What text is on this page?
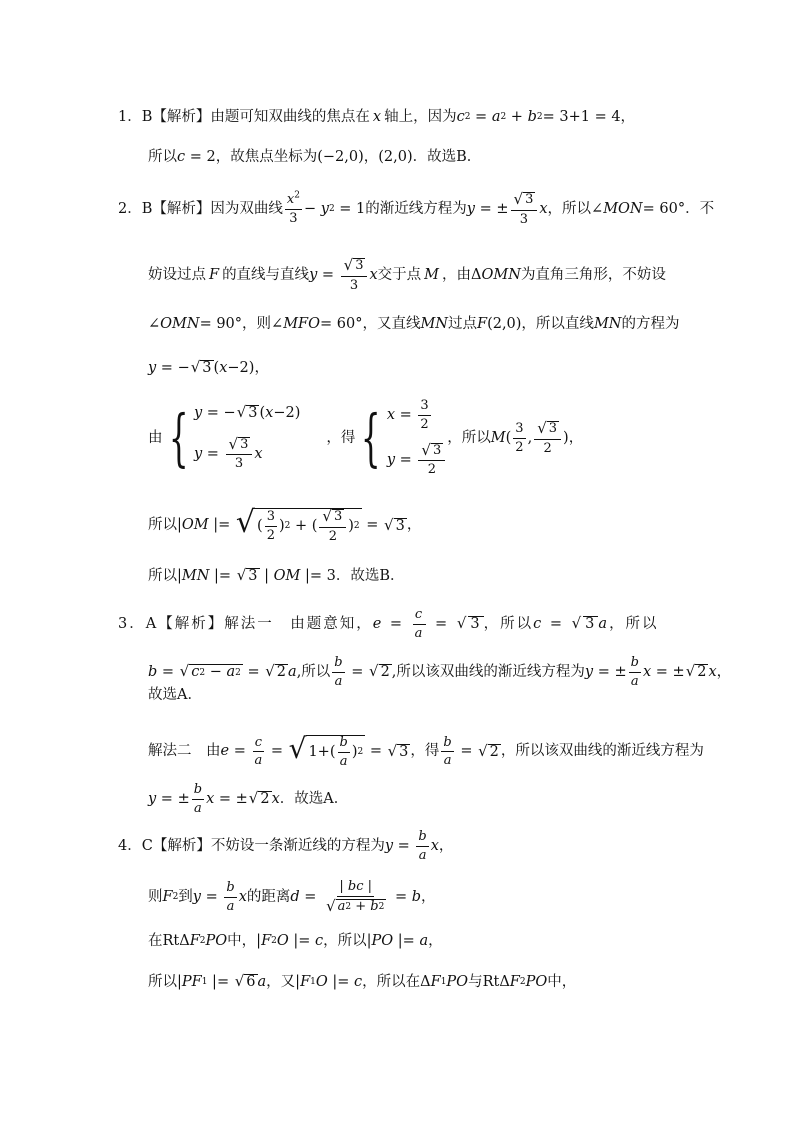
1．B【解析】由题可知双曲线的焦点在 x 轴上，因为 c 2 = a 2 + b 2 = 3+1 = 4，
所以 c = 2 ，故焦点坐标为 (−2,0)，(2,0) ．故选B．
2．B【解析】因为双曲线 $\frac{x^2}{3} - y$ 2 = 1 的渐近线方程为 y = ± $\frac{√ 3}{3}$ x ，所以∠ MON = 60°．不
妨设过点 F 的直线与直线 $y = \frac{√ 3}{3}$ x 交于点 M ，由Δ OMN 为直角三角形，不妨设
∠ OMN = 90°，则∠ MFO = 60°，又直线 MN 过点 F (2,0)，所以直线 MN 的方程为
y = − √ 3 ( x −2) ，
由 { y = − √ 3 (x−2)
$y = \frac{√ 3}{3}$ x
，得 { $x = \frac{3}{2}$
$y = \frac{√ 3}{2}$
，所以 M ( $\frac{3}{2}$ , $\frac{√ 3}{2}$ )，
所以| OM |= √ ( $\frac{3}{2}$ ) 2 + ( $\frac{√ 3}{2}$ ) 2 = √ 3 ，
所以| MN |= √ 3 | OM | = 3．故选B．
3．A【解析】解法一　由题意知， $e = \frac{c}{a}$ = √ 3 ，所以 c = √ 3 a ，所以
b = √ c 2 − a 2 = √ 2 a ,所以 $\frac{b}{a}$ = √ 2 ,所以该双曲线的渐近线方程为 y = ± $\frac{b}{a}$ x = ± √ 2 x ，
故选A．
解法二　由 $e = \frac{c}{a}$ = √ $1+( \frac{b}{a}$ ) 2 = √ 3 ，得 $\frac{b}{a}$ = √ 2 ，所以该双曲线的渐近线方程为
y = ± $\frac{b}{a}$ x = ± √ 2 x ．故选A．
4．C【解析】不妨设一条渐近线的方程为 $y = \frac{b}{a}$ x ，
则 F 2 到 $y = \frac{b}{a}$ x 的距离 $d = \frac{| bc |}{√ a 2 + b 2} = b$ ，
在RtΔ F 2 PO 中，| F 2 O |= c ，所以| PO |= a ，
所以| PF 1 |= √ 6 a ，又| F 1 O |= c ，所以在Δ F 1 PO 与RtΔ F 2 PO 中，
